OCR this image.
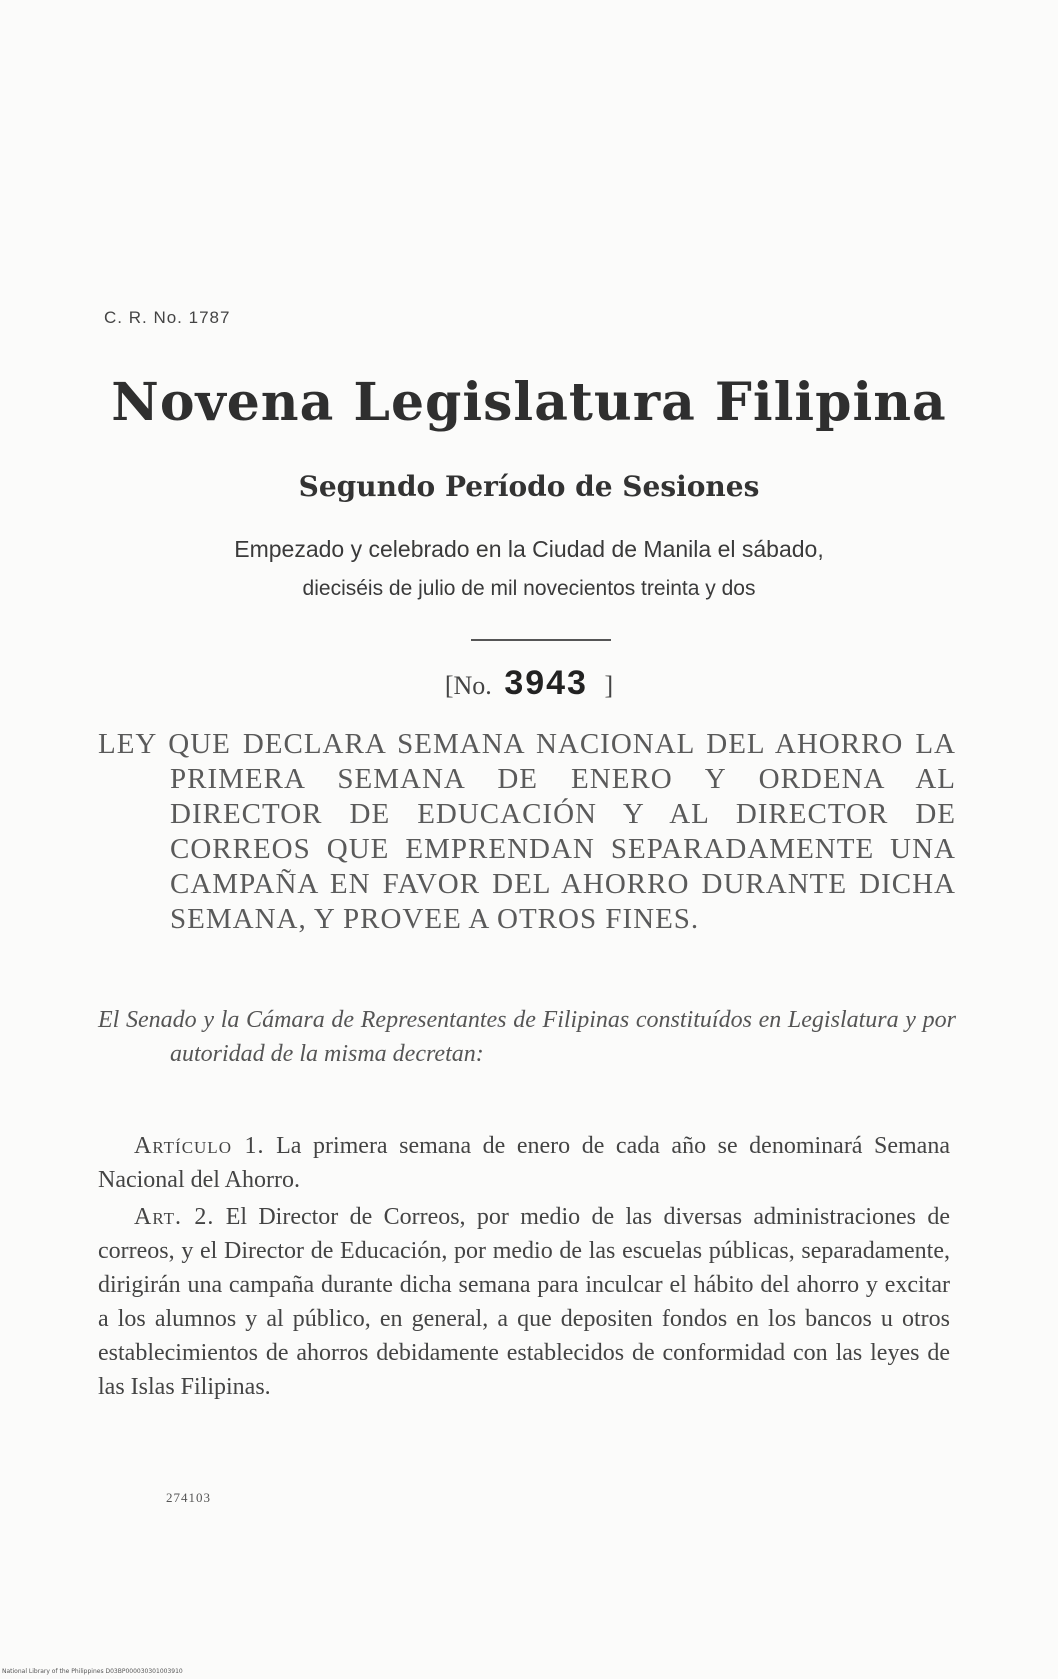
C. R. No. 1787
Novena Legislatura Filipina
Segundo Período de Sesiones
Empezado y celebrado en la Ciudad de Manila el sábado,
dieciséis de julio de mil novecientos treinta y dos
[No. 3943 ]

LEY QUE DECLARA SEMANA NACIONAL DEL AHORRO LA PRIMERA SEMANA DE ENERO Y ORDENA AL DIRECTOR DE EDUCACIÓN Y AL DIRECTOR DE CORREOS QUE EMPRENDAN SEPARADAMENTE UNA CAMPAÑA EN FAVOR DEL AHORRO DURANTE DICHA SEMANA, Y PROVEE A OTROS FINES.

El Senado y la Cámara de Representantes de Filipinas constituídos en Legislatura y por autoridad de la misma decretan:

Artículo 1. La primera semana de enero de cada año se denominará Semana Nacional del Ahorro.

Art. 2. El Director de Correos, por medio de las diversas administraciones de correos, y el Director de Educación, por medio de las escuelas públicas, separadamente, dirigirán una campaña durante dicha semana para inculcar el hábito del ahorro y excitar a los alumnos y al público, en general, a que depositen fondos en los bancos u otros establecimientos de ahorros debidamente establecidos de conformidad con las leyes de las Islas Filipinas.

274103
National Library of the Philippines D03BP000030301003910
